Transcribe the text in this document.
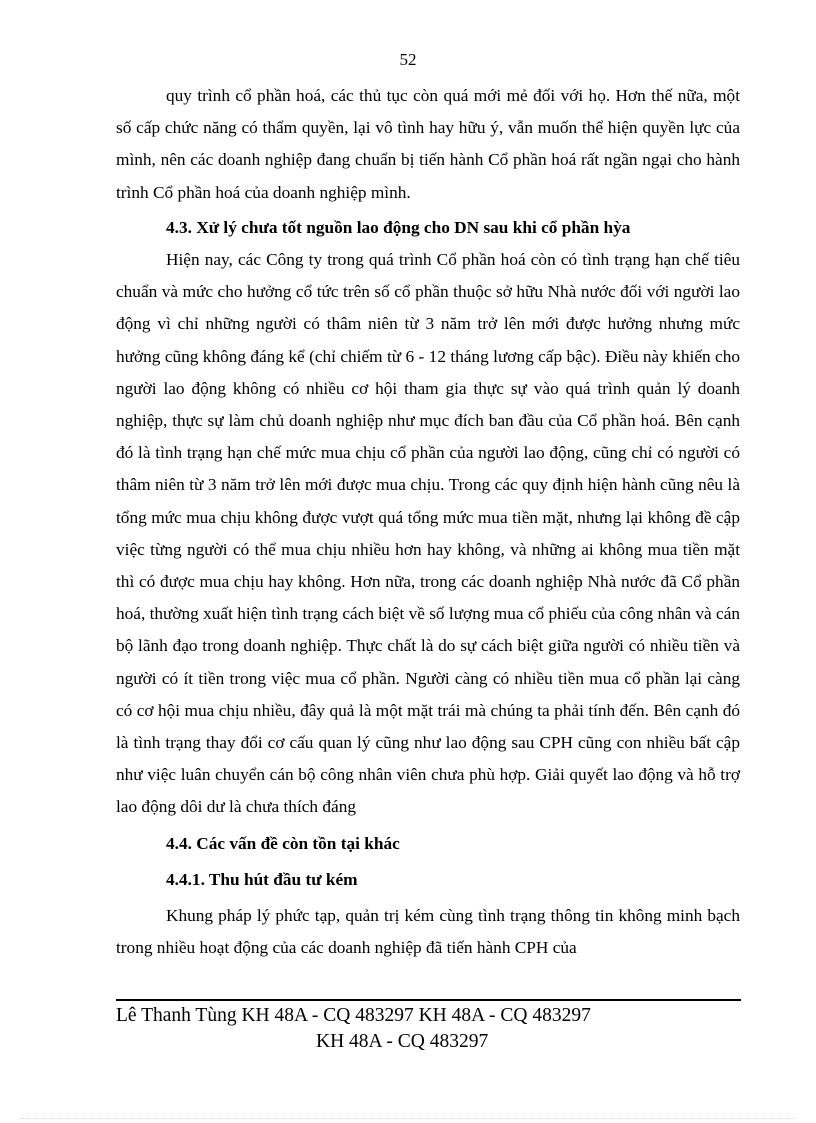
52

quy trình cổ phần hoá, các thủ tục còn quá mới mẻ đối với họ. Hơn thế nữa, một số cấp chức năng có thẩm quyền, lại vô tình hay hữu ý, vẫn muốn thể hiện quyền lực của mình, nên các doanh nghiệp đang chuẩn bị tiến hành Cổ phần hoá rất ngần ngại cho hành trình Cổ phần hoá của doanh nghiệp mình.

4.3. Xử lý chưa tốt nguồn lao động cho DN sau khi cổ phần hỳa

Hiện nay, các Công ty trong quá trình Cổ phần hoá còn có tình trạng hạn chế tiêu chuẩn và mức cho hưởng cổ tức trên số cổ phần thuộc sở hữu Nhà nước đối với người lao động vì chỉ những người có thâm niên từ 3 năm trở lên mới được hưởng nhưng mức hưởng cũng không đáng kể (chỉ chiếm từ 6 - 12 tháng lương cấp bậc). Điều này khiến cho người lao động không có nhiều cơ hội tham gia thực sự vào quá trình quản lý doanh nghiệp, thực sự làm chủ doanh nghiệp như mục đích ban đầu của Cổ phần hoá. Bên cạnh đó là tình trạng hạn chế mức mua chịu cổ phần của người lao động, cũng chỉ có người có thâm niên từ 3 năm trở lên mới được mua chịu. Trong các quy định hiện hành cũng nêu là tổng mức mua chịu không được vượt quá tổng mức mua tiền mặt, nhưng lại không đề cập việc từng người có thể mua chịu nhiều hơn hay không, và những ai không mua tiền mặt thì có được mua chịu hay không. Hơn nữa, trong các doanh nghiệp Nhà nước đã Cổ phần hoá, thường xuất hiện tình trạng cách biệt về số lượng mua cổ phiếu của công nhân và cán bộ lãnh đạo trong doanh nghiệp. Thực chất là do sự cách biệt giữa người có nhiều tiền và người có ít tiền trong việc mua cổ phần. Người càng có nhiều tiền mua cổ phần lại càng có cơ hội mua chịu nhiều, đây quả là một mặt trái mà chúng ta phải tính đến. Bên cạnh đó là tình trạng thay đổi cơ cấu quan lý cũng như lao động sau CPH cũng con nhiều bất cập như việc luân chuyển cán bộ công nhân viên chưa phù hợp. Giải quyết lao động và hỗ trợ lao động dôi dư là chưa thích đáng

4.4. Các vấn đề còn tồn tại khác
4.4.1. Thu hút đầu tư kém

Khung pháp lý phức tạp, quản trị kém cùng tình trạng thông tin không minh bạch trong nhiều hoạt động của các doanh nghiệp đã tiến hành CPH của

Lê Thanh Tùng KH 48A - CQ 483297 KH 48A - CQ 483297
KH 48A - CQ 483297
